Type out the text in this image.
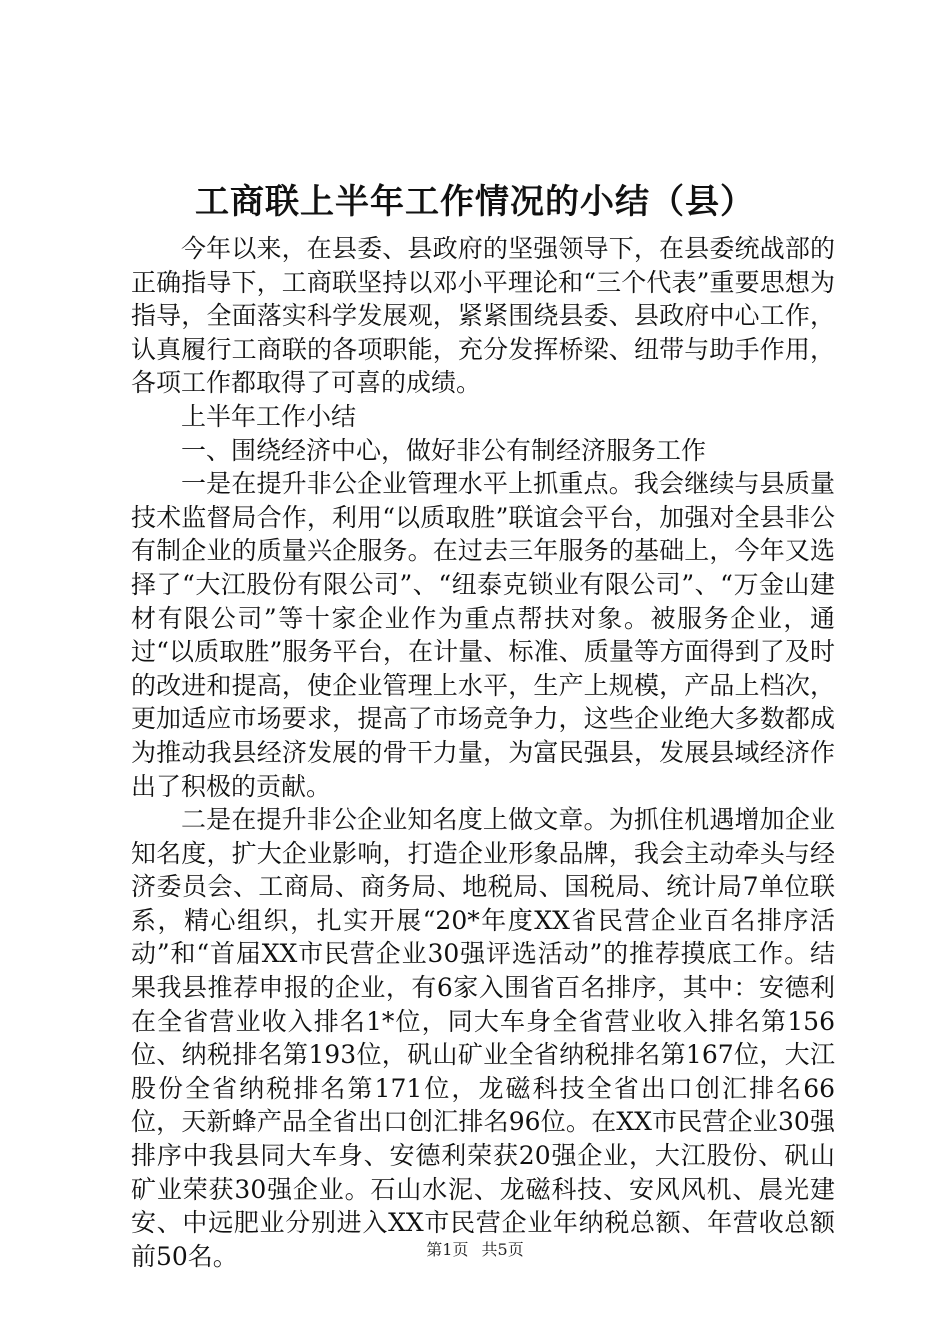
工商联上半年工作情况的小结（县）

今年以来，在县委、县政府的坚强领导下，在县委统战部的正确指导下，工商联坚持以邓小平理论和“三个代表”重要思想为指导，全面落实科学发展观，紧紧围绕县委、县政府中心工作，认真履行工商联的各项职能，充分发挥桥梁、纽带与助手作用，各项工作都取得了可喜的成绩。

上半年工作小结

一、围绕经济中心，做好非公有制经济服务工作

一是在提升非公企业管理水平上抓重点。我会继续与县质量技术监督局合作，利用“以质取胜”联谊会平台，加强对全县非公有制企业的质量兴企服务。在过去三年服务的基础上，今年又选择了“大江股份有限公司”、“纽泰克锁业有限公司”、“万金山建材有限公司”等十家企业作为重点帮扶对象。被服务企业，通过“以质取胜”服务平台，在计量、标准、质量等方面得到了及时的改进和提高，使企业管理上水平，生产上规模，产品上档次，更加适应市场要求，提高了市场竞争力，这些企业绝大多数都成为推动我县经济发展的骨干力量，为富民强县，发展县域经济作出了积极的贡献。

二是在提升非公企业知名度上做文章。为抓住机遇增加企业知名度，扩大企业影响，打造企业形象品牌，我会主动牵头与经济委员会、工商局、商务局、地税局、国税局、统计局7单位联系，精心组织，扎实开展“20*年度XX省民营企业百名排序活动”和“首届XX市民营企业30强评选活动”的推荐摸底工作。结果我县推荐申报的企业，有6家入围省百名排序，其中：安德利在全省营业收入排名1*位，同大车身全省营业收入排名第156位、纳税排名第193位，矾山矿业全省纳税排名第167位，大江股份全省纳税排名第171位，龙磁科技全省出口创汇排名66位，天新蜂产品全省出口创汇排名96位。在XX市民营企业30强排序中我县同大车身、安德利荣获20强企业，大江股份、矾山矿业荣获30强企业。石山水泥、龙磁科技、安风风机、晨光建安、中远肥业分别进入XX市民营企业年纳税总额、年营收总额前50名。	第1页 共5页
